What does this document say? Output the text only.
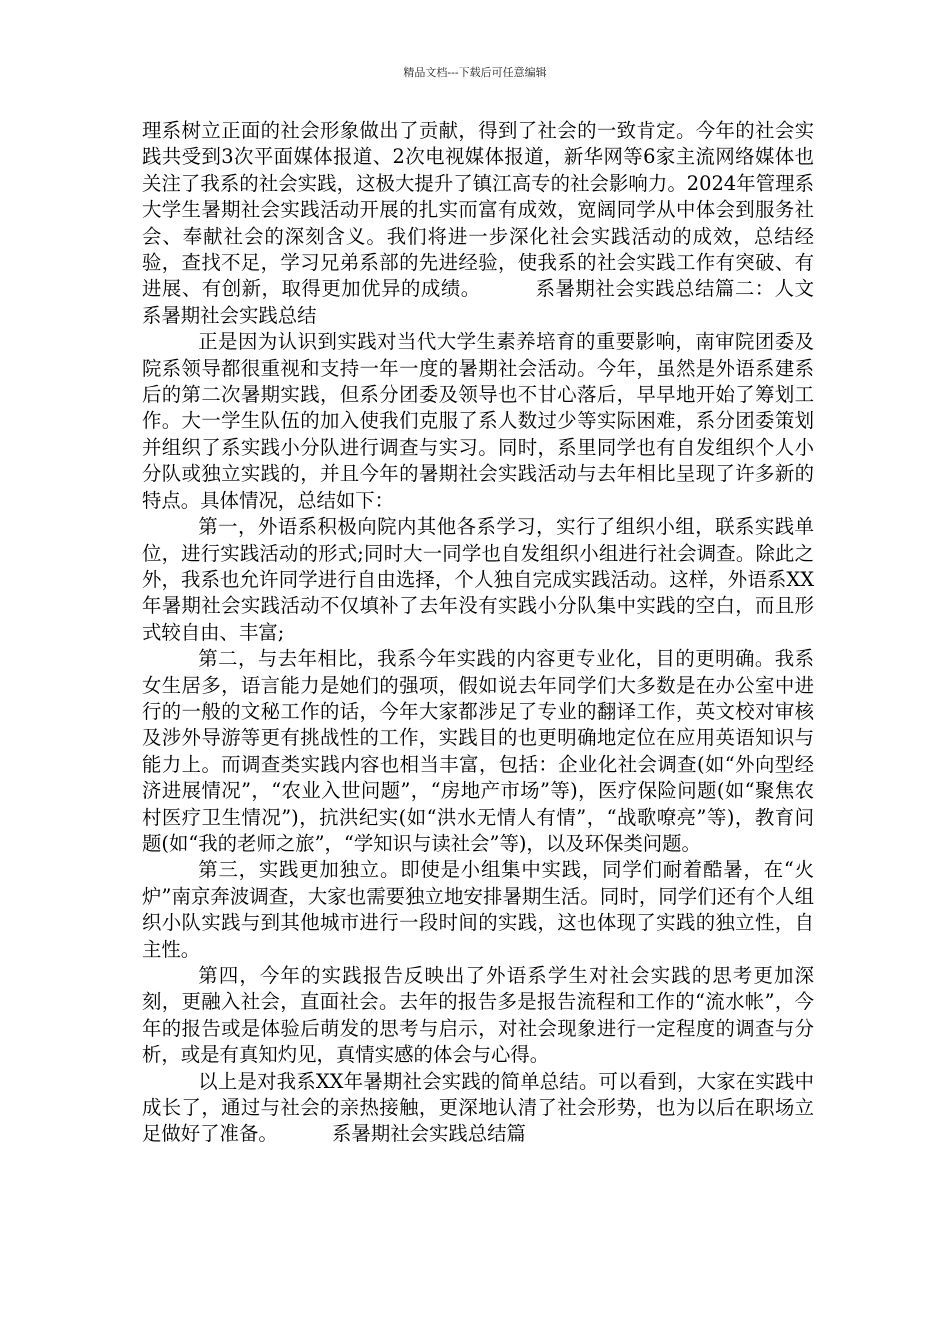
精品文档---下载后可任意编辑

理系树立正面的社会形象做出了贡献，得到了社会的一致肯定。今年的社会实践共受到3次平面媒体报道、2次电视媒体报道，新华网等6家主流网络媒体也关注了我系的社会实践，这极大提升了镇江高专的社会影响力。2024年管理系大学生暑期社会实践活动开展的扎实而富有成效，宽阔同学从中体会到服务社会、奉献社会的深刻含义。我们将进一步深化社会实践活动的成效，总结经验，查找不足，学习兄弟系部的先进经验，使我系的社会实践工作有突破、有进展、有创新，取得更加优异的成绩。	系暑期社会实践总结篇二：人文系暑期社会实践总结

正是因为认识到实践对当代大学生素养培育的重要影响，南审院团委及院系领导都很重视和支持一年一度的暑期社会活动。今年，虽然是外语系建系后的第二次暑期实践，但系分团委及领导也不甘心落后，早早地开始了筹划工作。大一学生队伍的加入使我们克服了系人数过少等实际困难，系分团委策划并组织了系实践小分队进行调查与实习。同时，系里同学也有自发组织个人小分队或独立实践的，并且今年的暑期社会实践活动与去年相比呈现了许多新的特点。具体情况，总结如下：

第一，外语系积极向院内其他各系学习，实行了组织小组，联系实践单位，进行实践活动的形式;同时大一同学也自发组织小组进行社会调查。除此之外，我系也允许同学进行自由选择，个人独自完成实践活动。这样，外语系XX年暑期社会实践活动不仅填补了去年没有实践小分队集中实践的空白，而且形式较自由、丰富;

第二，与去年相比，我系今年实践的内容更专业化，目的更明确。我系女生居多，语言能力是她们的强项，假如说去年同学们大多数是在办公室中进行的一般的文秘工作的话，今年大家都涉足了专业的翻译工作，英文校对审核及涉外导游等更有挑战性的工作，实践目的也更明确地定位在应用英语知识与能力上。而调查类实践内容也相当丰富，包括：企业化社会调查(如“外向型经济进展情况”，“农业入世问题”，“房地产市场”等)，医疗保险问题(如“聚焦农村医疗卫生情况”)，抗洪纪实(如“洪水无情人有情”，“战歌嘹亮”等)，教育问题(如“我的老师之旅”，“学知识与读社会”等)，以及环保类问题。

第三，实践更加独立。即使是小组集中实践，同学们耐着酷暑，在“火炉”南京奔波调查，大家也需要独立地安排暑期生活。同时，同学们还有个人组织小队实践与到其他城市进行一段时间的实践，这也体现了实践的独立性，自主性。

第四，今年的实践报告反映出了外语系学生对社会实践的思考更加深刻，更融入社会，直面社会。去年的报告多是报告流程和工作的“流水帐”，今年的报告或是体验后萌发的思考与启示，对社会现象进行一定程度的调查与分析，或是有真知灼见，真情实感的体会与心得。

以上是对我系XX年暑期社会实践的简单总结。可以看到，大家在实践中成长了，通过与社会的亲热接触，更深地认清了社会形势，也为以后在职场立足做好了准备。	系暑期社会实践总结篇
